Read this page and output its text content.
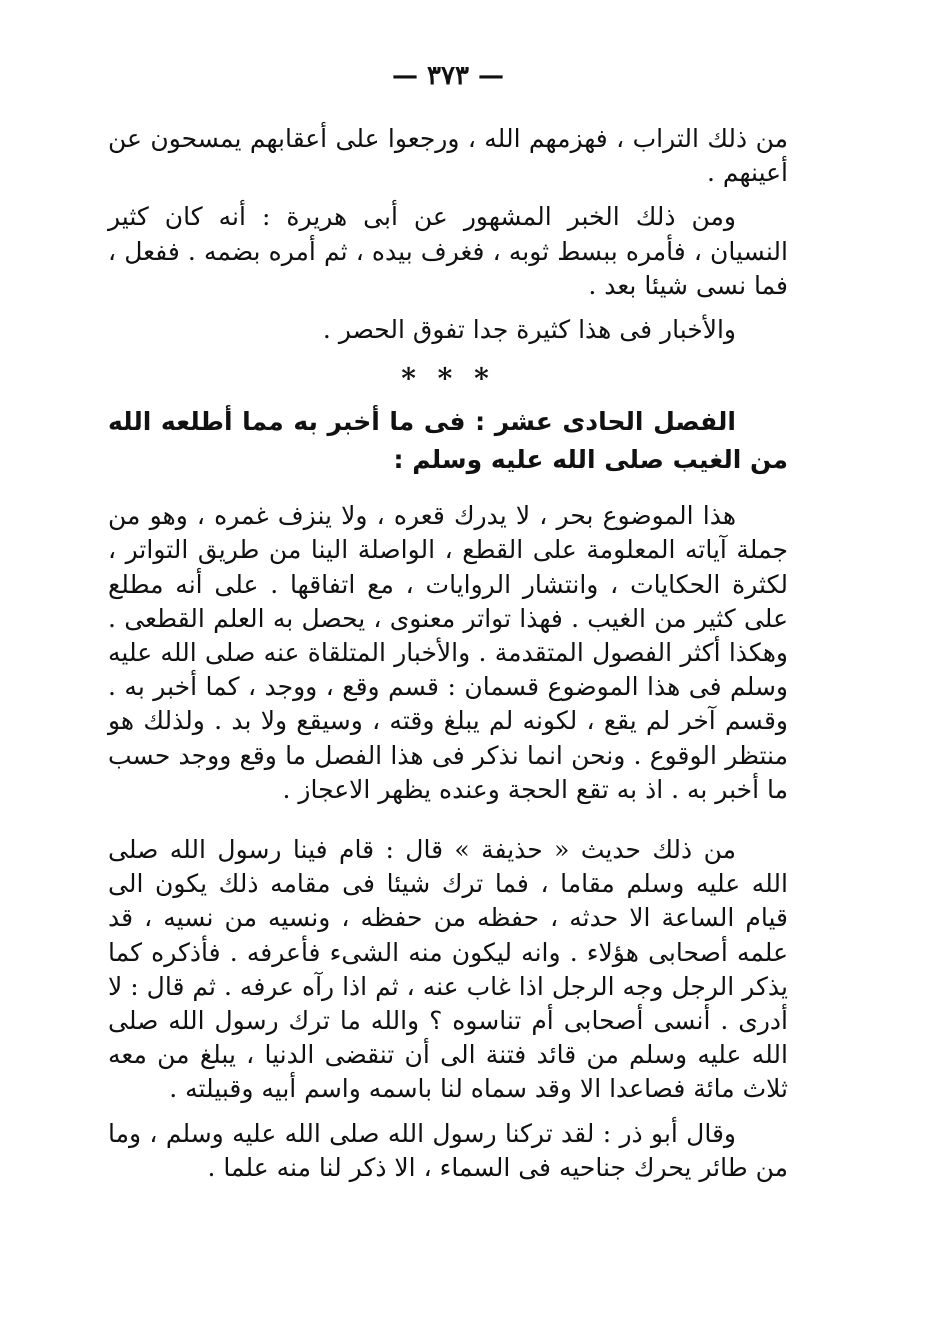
— ٣٧٣ —

من ذلك التراب ، فهزمهم الله ، ورجعوا على أعقابهم يمسحون عن أعينهم .

ومن ذلك الخبر المشهور عن أبى هريرة : أنه كان كثير النسيان ، فأمره ببسط ثوبه ، فغرف بيده ، ثم أمره بضمه . ففعل ، فما نسى شيئا بعد .

والأخبار فى هذا كثيرة جدا تفوق الحصر .

* * *
الفصل الحادى عشر : فى ما أخبر به مما أطلعه الله من الغيب صلى الله عليه وسلم :

هذا الموضوع بحر ، لا يدرك قعره ، ولا ينزف غمره ، وهو من جملة آياته المعلومة على القطع ، الواصلة الينا من طريق التواتر ، لكثرة الحكايات ، وانتشار الروايات ، مع اتفاقها . على أنه مطلع على كثير من الغيب . فهذا تواتر معنوى ، يحصل به العلم القطعى . وهكذا أكثر الفصول المتقدمة . والأخبار المتلقاة عنه صلى الله عليه وسلم فى هذا الموضوع قسمان : قسم وقع ، ووجد ، كما أخبر به . وقسم آخر لم يقع ، لكونه لم يبلغ وقته ، وسيقع ولا بد . ولذلك هو منتظر الوقوع . ونحن انما نذكر فى هذا الفصل ما وقع ووجد حسب ما أخبر به . اذ به تقع الحجة وعنده يظهر الاعجاز .

من ذلك حديث « حذيفة » قال : قام فينا رسول الله صلى الله عليه وسلم مقاما ، فما ترك شيئا فى مقامه ذلك يكون الى قيام الساعة الا حدثه ، حفظه من حفظه ، ونسيه من نسيه ، قد علمه أصحابى هؤلاء . وانه ليكون منه الشىء فأعرفه . فأذكره كما يذكر الرجل وجه الرجل اذا غاب عنه ، ثم اذا رآه عرفه . ثم قال : لا أدرى . أنسى أصحابى أم تناسوه ؟ والله ما ترك رسول الله صلى الله عليه وسلم من قائد فتنة الى أن تنقضى الدنيا ، يبلغ من معه ثلاث مائة فصاعدا الا وقد سماه لنا باسمه واسم أبيه وقبيلته .

وقال أبو ذر : لقد تركنا رسول الله صلى الله عليه وسلم ، وما من طائر يحرك جناحيه فى السماء ، الا ذكر لنا منه علما .
